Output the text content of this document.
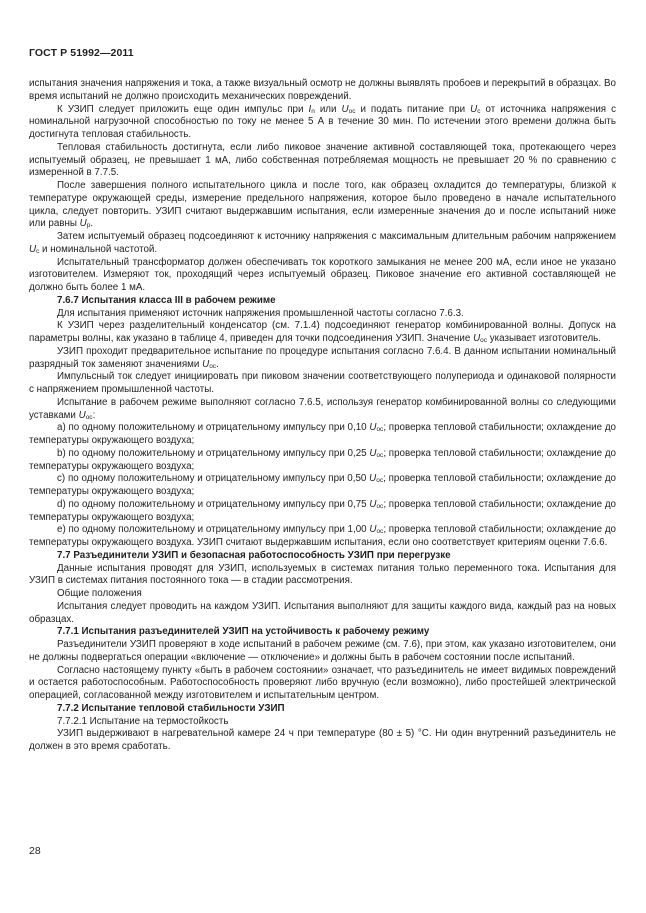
ГОСТ Р 51992—2011

испытания значения напряжения и тока, а также визуальный осмотр не должны выявлять пробоев и перекрытий в образцах. Во время испытаний не должно происходить механических повреждений.

К УЗИП следует приложить еще один импульс при $I_n$ или $U_{oc}$ и подать питание при $U_c$ от источника напряжения с номинальной нагрузочной способностью по току не менее 5 А в течение 30 мин. По истечении этого времени должна быть достигнута тепловая стабильность.

Тепловая стабильность достигнута, если либо пиковое значение активной составляющей тока, протекающего через испытуемый образец, не превышает 1 мА, либо собственная потребляемая мощность не превышает 20 % по сравнению с измеренной в 7.7.5.

После завершения полного испытательного цикла и после того, как образец охладится до температуры, близкой к температуре окружающей среды, измерение предельного напряжения, которое было проведено в начале испытательного цикла, следует повторить. УЗИП считают выдержавшим испытания, если измеренные значения до и после испытаний ниже или равны $U_p$.

Затем испытуемый образец подсоединяют к источнику напряжения с максимальным длительным рабочим напряжением $U_c$ и номинальной частотой.

Испытательный трансформатор должен обеспечивать ток короткого замыкания не менее 200 мА, если иное не указано изготовителем. Измеряют ток, проходящий через испытуемый образец. Пиковое значение его активной составляющей не должно быть более 1 мА.

7.6.7 Испытания класса III в рабочем режиме

Для испытания применяют источник напряжения промышленной частоты согласно 7.6.3.

К УЗИП через разделительный конденсатор (см. 7.1.4) подсоединяют генератор комбинированной волны. Допуск на параметры волны, как указано в таблице 4, приведен для точки подсоединения УЗИП. Значение $U_{oc}$ указывает изготовитель.

УЗИП проходит предварительное испытание по процедуре испытания согласно 7.6.4. В данном испытании номинальный разрядный ток заменяют значениями $U_{oc}$.

Импульсный ток следует инициировать при пиковом значении соответствующего полупериода и одинаковой полярности с напряжением промышленной частоты.

Испытание в рабочем режиме выполняют согласно 7.6.5, используя генератор комбинированной волны со следующими уставками $U_{oc}$:

а) по одному положительному и отрицательному импульсу при 0,10 $U_{oc}$; проверка тепловой стабильности; охлаждение до температуры окружающего воздуха;

b) по одному положительному и отрицательному импульсу при 0,25 $U_{oc}$; проверка тепловой стабильности; охлаждение до температуры окружающего воздуха;

c) по одному положительному и отрицательному импульсу при 0,50 $U_{oc}$; проверка тепловой стабильности; охлаждение до температуры окружающего воздуха;

d) по одному положительному и отрицательному импульсу при 0,75 $U_{oc}$; проверка тепловой стабильности; охлаждение до температуры окружающего воздуха;

e) по одному положительному и отрицательному импульсу при 1,00 $U_{oc}$; проверка тепловой стабильности; охлаждение до температуры окружающего воздуха. УЗИП считают выдержавшим испытания, если оно соответствует критериям оценки 7.6.6.

7.7 Разъединители УЗИП и безопасная работоспособность УЗИП при перегрузке

Данные испытания проводят для УЗИП, используемых в системах питания только переменного тока. Испытания для УЗИП в системах питания постоянного тока — в стадии рассмотрения.

Общие положения

Испытания следует проводить на каждом УЗИП. Испытания выполняют для защиты каждого вида, каждый раз на новых образцах.

7.7.1 Испытания разъединителей УЗИП на устойчивость к рабочему режиму

Разъединители УЗИП проверяют в ходе испытаний в рабочем режиме (см. 7.6), при этом, как указано изготовителем, они не должны подвергаться операции «включение — отключение» и должны быть в рабочем состоянии после испытаний.

Согласно настоящему пункту «быть в рабочем состоянии» означает, что разъединитель не имеет видимых повреждений и остается работоспособным. Работоспособность проверяют либо вручную (если возможно), либо простейшей электрической операцией, согласованной между изготовителем и испытательным центром.

7.7.2 Испытание тепловой стабильности УЗИП

7.7.2.1 Испытание на термостойкость

УЗИП выдерживают в нагревательной камере 24 ч при температуре (80 ± 5) °С. Ни один внутренний разъединитель не должен в это время сработать.

28
